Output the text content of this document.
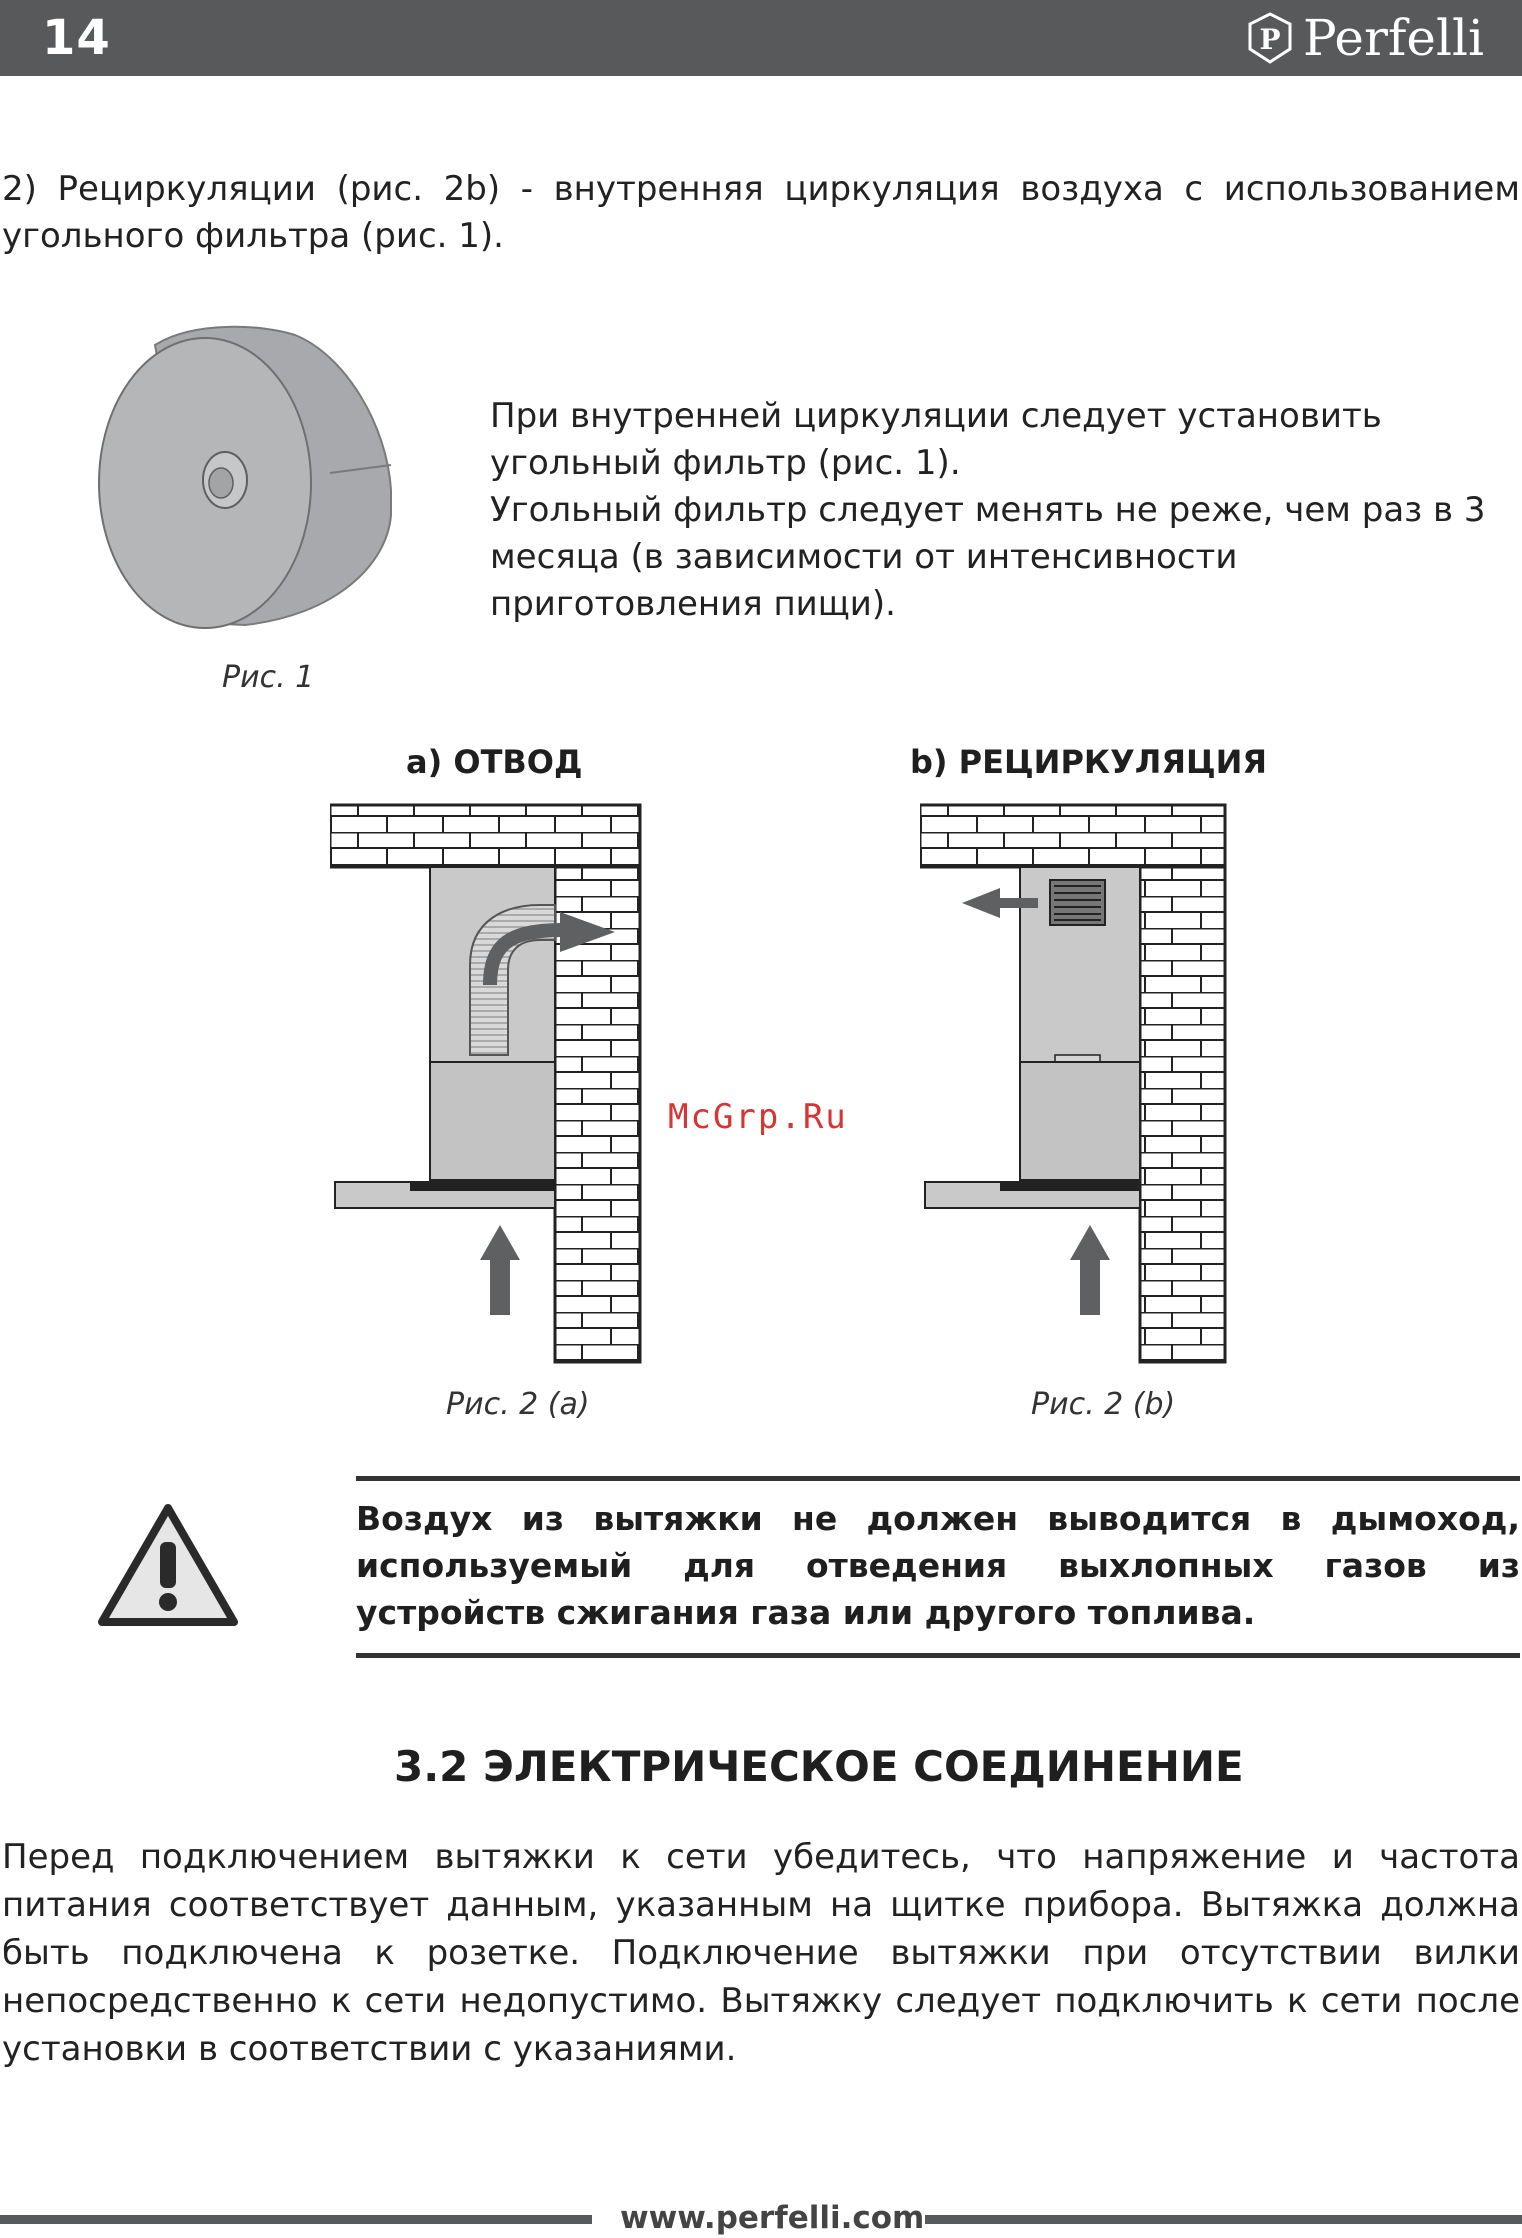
14	P Perfelli
2) Рециркуляции (рис. 2b) - внутренняя циркуляция воздуха с использованием угольного фильтра (рис. 1).
Рис. 1
При внутренней циркуляции следует установить угольный фильтр (рис. 1).
Угольный фильтр следует менять не реже, чем раз в 3 месяца (в зависимости от интенсивности приготовления пищи).
a) ОТВОД	b) РЕЦИРКУЛЯЦИЯ
Рис. 2 (a)	Рис. 2 (b)
McGrp.Ru
Воздух из вытяжки не должен выводится в дымоход, используемый для отведения выхлопных газов из устройств сжигания газа или другого топлива.
3.2 ЭЛЕКТРИЧЕСКОЕ СОЕДИНЕНИЕ
Перед подключением вытяжки к сети убедитесь, что напряжение и частота питания соответствует данным, указанным на щитке прибора. Вытяжка должна быть подключена к розетке. Подключение вытяжки при отсутствии вилки непосредственно к сети недопустимо. Вытяжку следует подключить к сети после установки в соответствии с указаниями.
www.perfelli.com
